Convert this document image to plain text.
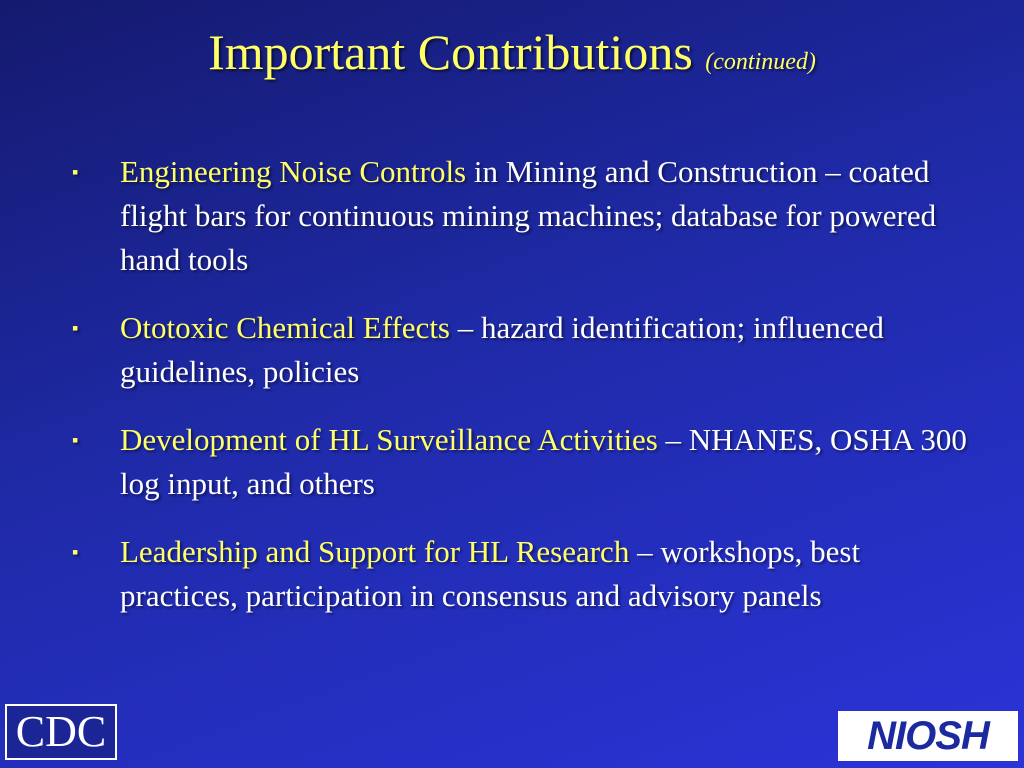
Important Contributions (continued)
▪	Engineering Noise Controls in Mining and Construction – coated flight bars for continuous mining machines; database for powered hand tools
▪	Ototoxic Chemical Effects – hazard identification; influenced guidelines, policies
▪	Development of HL Surveillance Activities – NHANES, OSHA 300 log input, and others
▪	Leadership and Support for HL Research – workshops, best practices, participation in consensus and advisory panels
CDC	NIOSH
